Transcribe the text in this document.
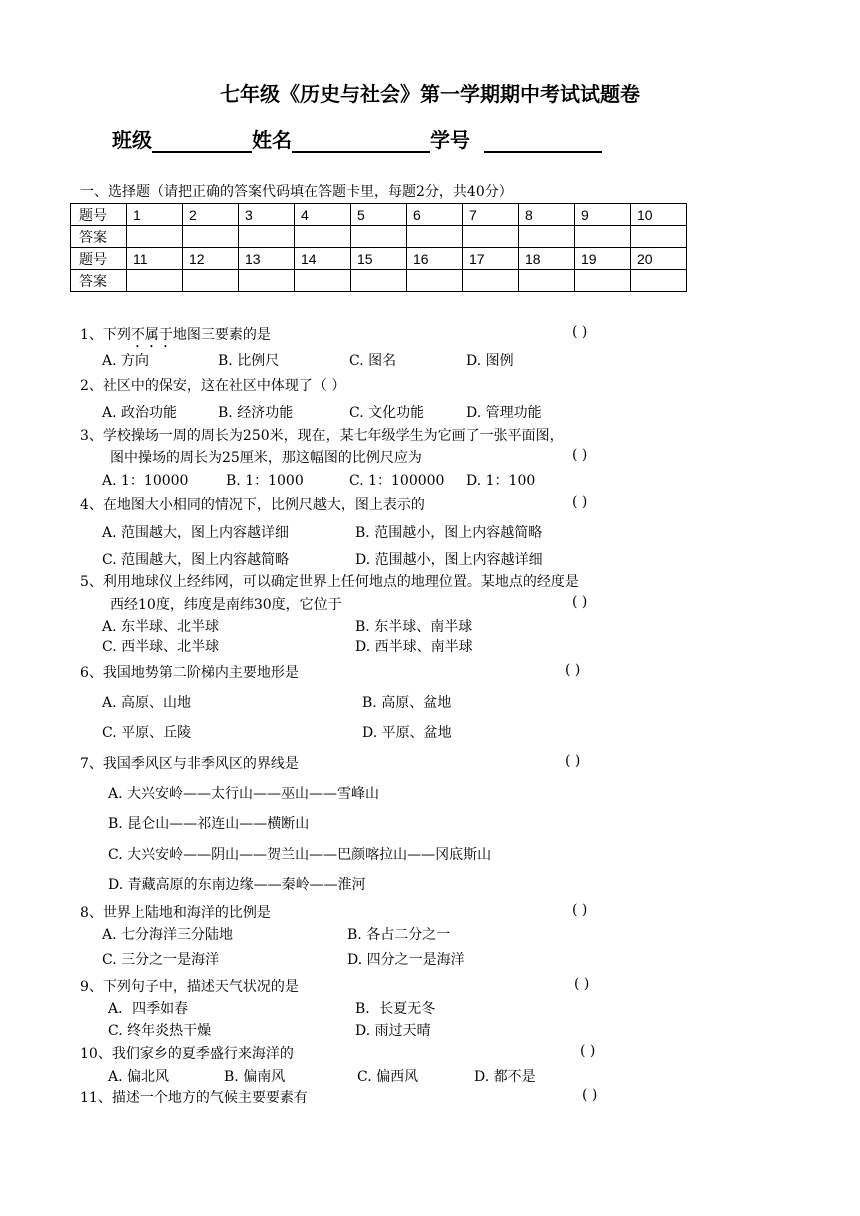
七年级《历史与社会》第一学期期中考试试题卷
班级	姓名	学号
一、选择题（请把正确的答案代码填在答题卡里，每题2分，共40分）
题号	1	2	3	4	5	6	7	8	9	10
答案										
题号	11	12	13	14	15	16	17	18	19	20
答案										
1、下列不属于地图三要素的是	( )
A. 方向	B. 比例尺	C. 图名	D. 图例
2、社区中的保安，这在社区中体现了（ ）
A. 政治功能	B. 经济功能	C. 文化功能	D. 管理功能
3、学校操场一周的周长为250米，现在，某七年级学生为它画了一张平面图，
图中操场的周长为25厘米，那这幅图的比例尺应为	( )
A. 1：10000	B. 1：1000	C. 1：100000 D. 1：100
4、在地图大小相同的情况下，比例尺越大，图上表示的	( )
A. 范围越大，图上内容越详细	B. 范围越小，图上内容越简略
C. 范围越大，图上内容越简略	D. 范围越小，图上内容越详细
5、利用地球仪上经纬网，可以确定世界上任何地点的地理位置。某地点的经度是
西经10度，纬度是南纬30度，它位于	( )
A. 东半球、北半球	B. 东半球、南半球
C. 西半球、北半球	D. 西半球、南半球
6、我国地势第二阶梯内主要地形是	( )
A. 高原、山地	B. 高原、盆地
C. 平原、丘陵	D. 平原、盆地
7、我国季风区与非季风区的界线是	( )
A. 大兴安岭——太行山——巫山——雪峰山
B. 昆仑山——祁连山——横断山
C. 大兴安岭——阴山——贺兰山——巴颜喀拉山——冈底斯山
D. 青藏高原的东南边缘——秦岭——淮河
8、世界上陆地和海洋的比例是	( )
A. 七分海洋三分陆地	B. 各占二分之一
C. 三分之一是海洋	D. 四分之一是海洋
9、下列句子中，描述天气状况的是	( )
A．四季如春	B．长夏无冬
C. 终年炎热干燥	D. 雨过天晴
10、我们家乡的夏季盛行来海洋的	( )
A. 偏北风	B. 偏南风	C. 偏西风	D. 都不是
11、描述一个地方的气候主要要素有	( )
